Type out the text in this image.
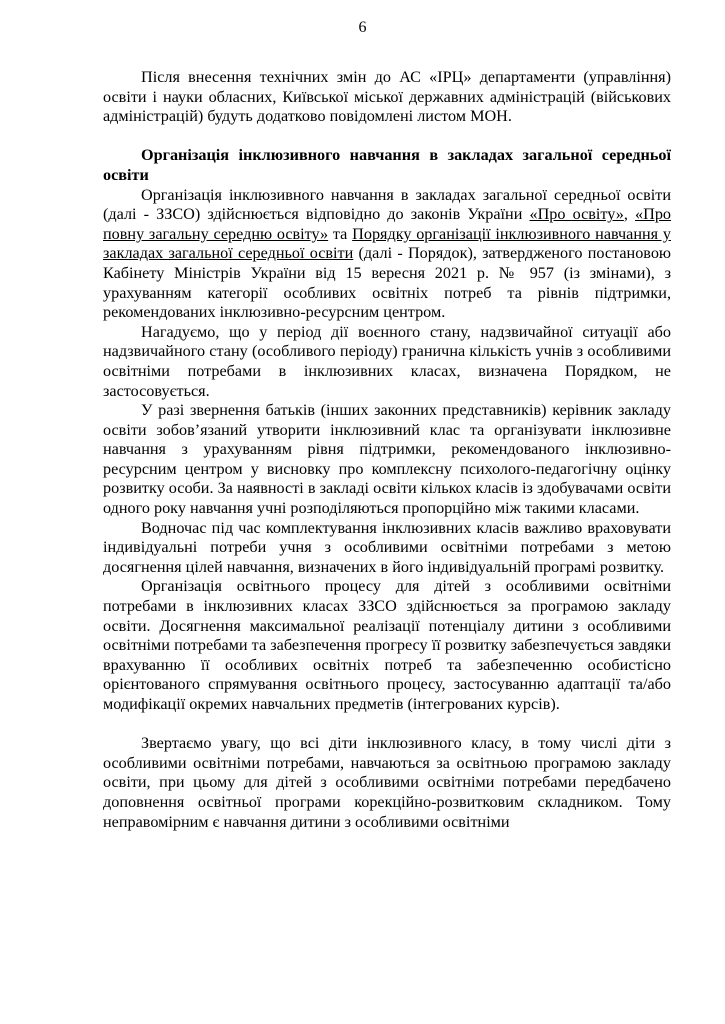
6

Після внесення технічних змін до АС «ІРЦ» департаменти (управління) освіти і науки обласних, Київської міської державних адміністрацій (військових адміністрацій) будуть додатково повідомлені листом МОН.

Організація інклюзивного навчання в закладах загальної середньої освіти

Організація інклюзивного навчання в закладах загальної середньої освіти (далі - ЗЗСО) здійснюється відповідно до законів України «Про освіту», «Про повну загальну середню освіту» та Порядку організації інклюзивного навчання у закладах загальної середньої освіти (далі - Порядок), затвердженого постановою Кабінету Міністрів України від 15 вересня 2021 р. № 957 (із змінами), з урахуванням категорії особливих освітніх потреб та рівнів підтримки, рекомендованих інклюзивно-ресурсним центром.

Нагадуємо, що у період дії воєнного стану, надзвичайної ситуації або надзвичайного стану (особливого періоду) гранична кількість учнів з особливими освітніми потребами в інклюзивних класах, визначена Порядком, не застосовується.

У разі звернення батьків (інших законних представників) керівник закладу освіти зобов’язаний утворити інклюзивний клас та організувати інклюзивне навчання з урахуванням рівня підтримки, рекомендованого інклюзивно-ресурсним центром у висновку про комплексну психолого-педагогічну оцінку розвитку особи. За наявності в закладі освіти кількох класів із здобувачами освіти одного року навчання учні розподіляються пропорційно між такими класами.

Водночас під час комплектування інклюзивних класів важливо враховувати індивідуальні потреби учня з особливими освітніми потребами з метою досягнення цілей навчання, визначених в його індивідуальній програмі розвитку.

Організація освітнього процесу для дітей з особливими освітніми потребами в інклюзивних класах ЗЗСО здійснюється за програмою закладу освіти. Досягнення максимальної реалізації потенціалу дитини з особливими освітніми потребами та забезпечення прогресу її розвитку забезпечується завдяки врахуванню її особливих освітніх потреб та забезпеченню особистісно орієнтованого спрямування освітнього процесу, застосуванню адаптації та/або модифікації окремих навчальних предметів (інтегрованих курсів).

Звертаємо увагу, що всі діти інклюзивного класу, в тому числі діти з особливими освітніми потребами, навчаються за освітньою програмою закладу освіти, при цьому для дітей з особливими освітніми потребами передбачено доповнення освітньої програми корекційно-розвитковим складником. Тому неправомірним є навчання дитини з особливими освітніми
